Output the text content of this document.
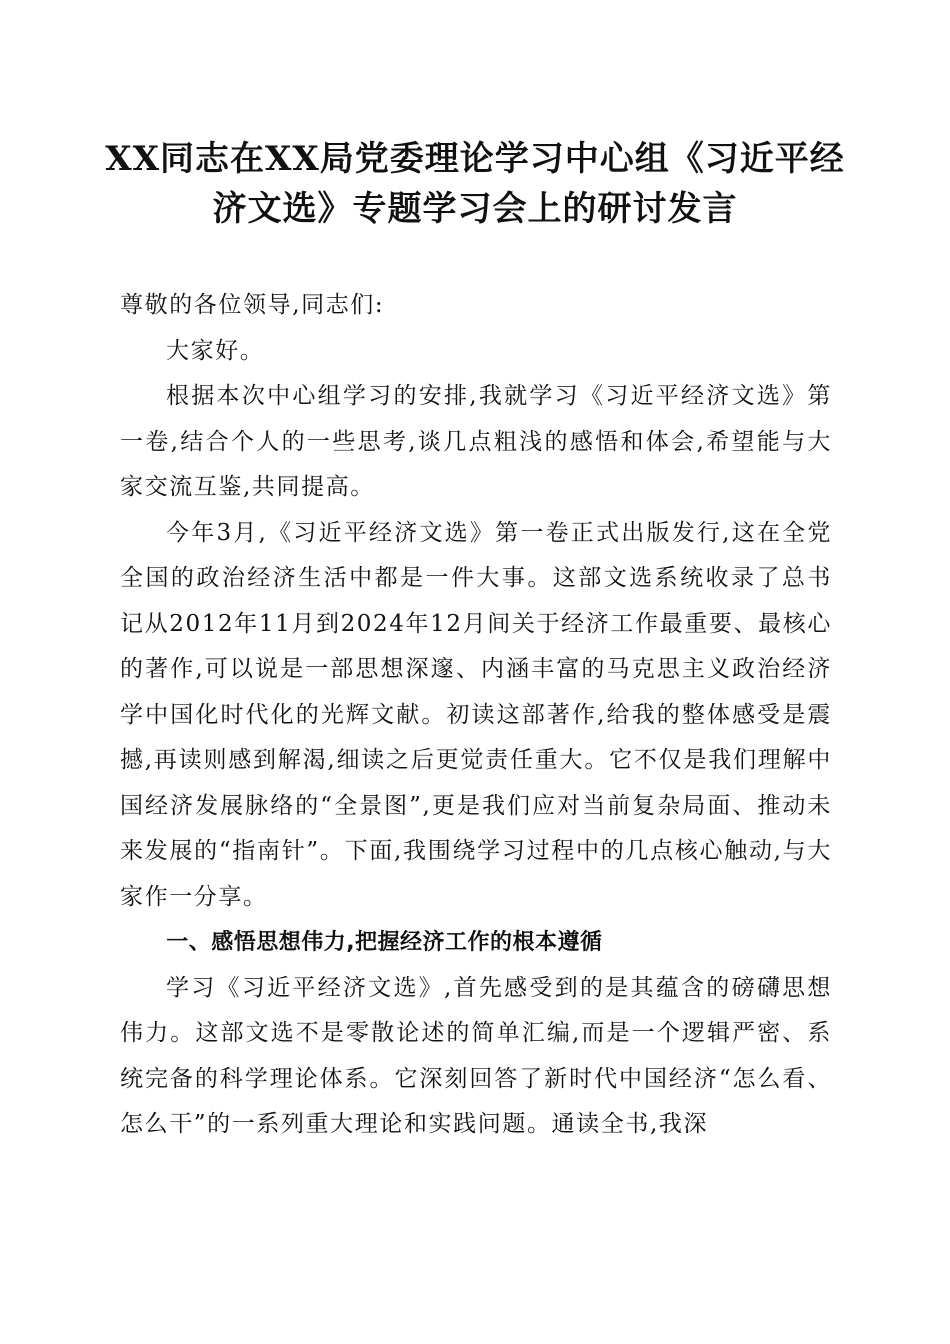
XX同志在XX局党委理论学习中心组《习近平经济文选》专题学习会上的研讨发言

尊敬的各位领导,同志们:

大家好。

根据本次中心组学习的安排,我就学习《习近平经济文选》第一卷,结合个人的一些思考,谈几点粗浅的感悟和体会,希望能与大家交流互鉴,共同提高。

今年3月,《习近平经济文选》第一卷正式出版发行,这在全党全国的政治经济生活中都是一件大事。这部文选系统收录了总书记从2012年11月到2024年12月间关于经济工作最重要、最核心的著作,可以说是一部思想深邃、内涵丰富的马克思主义政治经济学中国化时代化的光辉文献。初读这部著作,给我的整体感受是震撼,再读则感到解渴,细读之后更觉责任重大。它不仅是我们理解中国经济发展脉络的“全景图”,更是我们应对当前复杂局面、推动未来发展的“指南针”。下面,我围绕学习过程中的几点核心触动,与大家作一分享。

一、感悟思想伟力,把握经济工作的根本遵循

学习《习近平经济文选》,首先感受到的是其蕴含的磅礴思想伟力。这部文选不是零散论述的简单汇编,而是一个逻辑严密、系统完备的科学理论体系。它深刻回答了新时代中国经济“怎么看、怎么干”的一系列重大理论和实践问题。通读全书,我深
